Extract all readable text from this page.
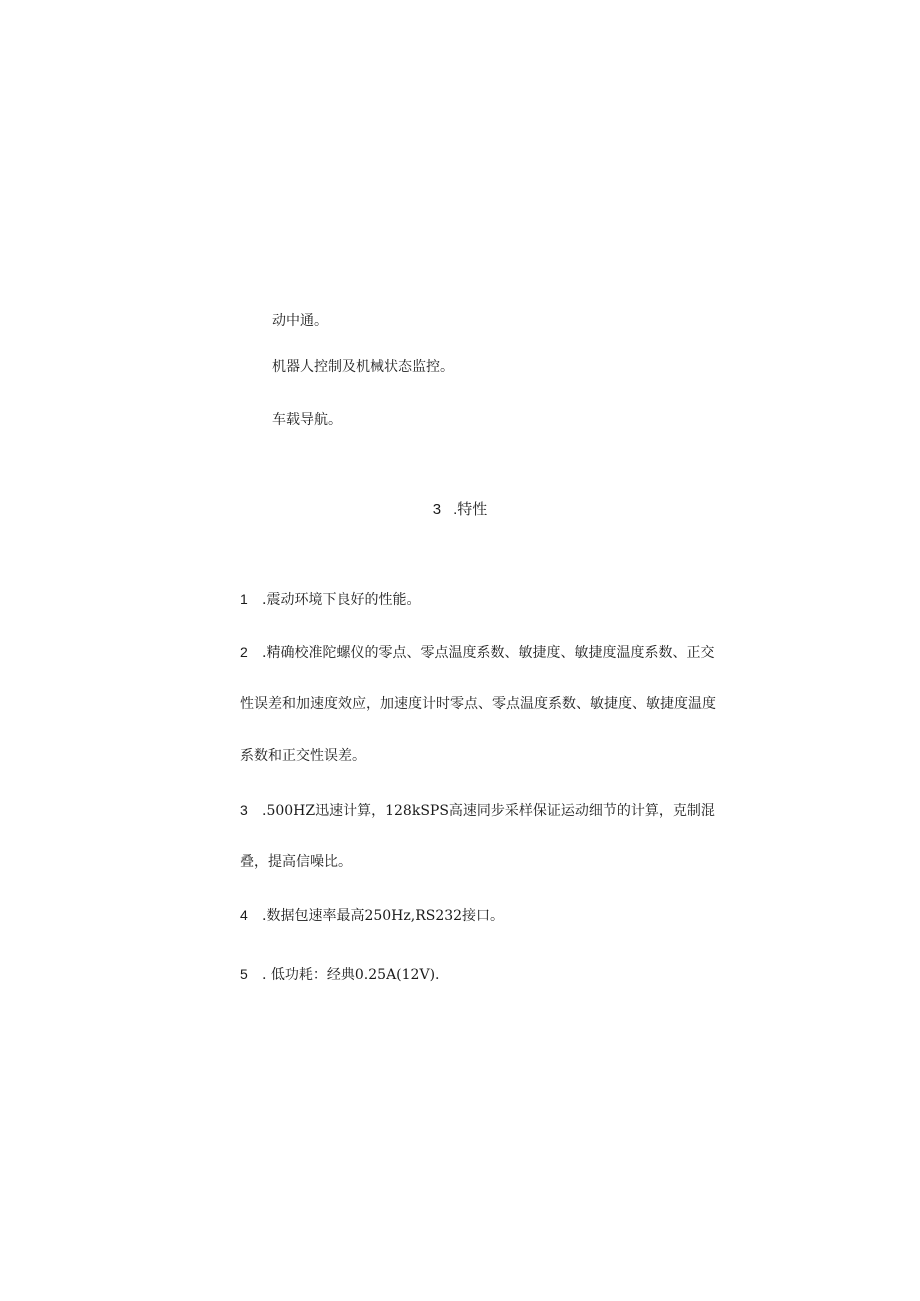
动中通。
机器人控制及机械状态监控。
车载导航。
3 .特性
1 .震动环境下良好的性能。
2 .精确校准陀螺仪的零点、零点温度系数、敏捷度、敏捷度温度系数、正交
性误差和加速度效应，加速度计时零点、零点温度系数、敏捷度、敏捷度温度
系数和正交性误差。
3 .500HZ迅速计算，128kSPS高速同步采样保证运动细节的计算，克制混
叠，提高信噪比。
4 .数据包速率最高250Hz,RS232接口。
5 . 低功耗：经典0.25A(12V).
